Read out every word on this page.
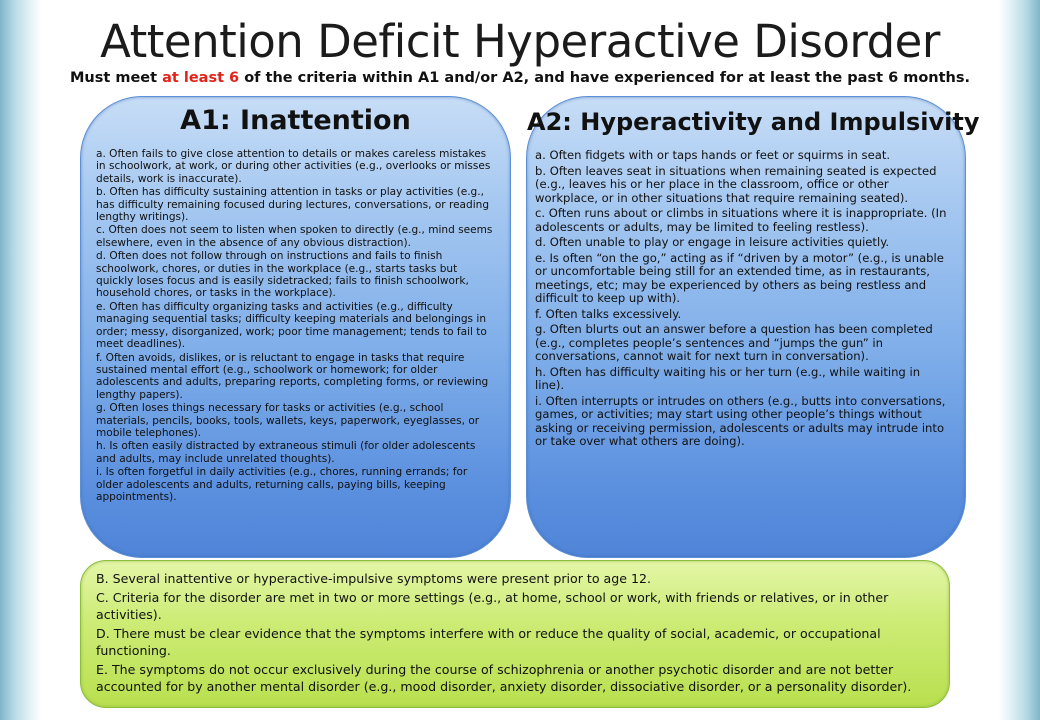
Attention Deficit Hyperactive Disorder

Must meet at least 6 of the criteria within A1 and/or A2, and have experienced for at least the past 6 months.

A1: Inattention
a. Often fails to give close attention to details or makes careless mistakes in schoolwork, at work, or during other activities (e.g., overlooks or misses details, work is inaccurate).
b. Often has difficulty sustaining attention in tasks or play activities (e.g., has difficulty remaining focused during lectures, conversations, or reading lengthy writings).
c. Often does not seem to listen when spoken to directly (e.g., mind seems elsewhere, even in the absence of any obvious distraction).
d. Often does not follow through on instructions and fails to finish schoolwork, chores, or duties in the workplace (e.g., starts tasks but quickly loses focus and is easily sidetracked; fails to finish schoolwork, household chores, or tasks in the workplace).
e. Often has difficulty organizing tasks and activities (e.g., difficulty managing sequential tasks; difficulty keeping materials and belongings in order; messy, disorganized, work; poor time management; tends to fail to meet deadlines).
f. Often avoids, dislikes, or is reluctant to engage in tasks that require sustained mental effort (e.g., schoolwork or homework; for older adolescents and adults, preparing reports, completing forms, or reviewing lengthy papers).
g. Often loses things necessary for tasks or activities (e.g., school materials, pencils, books, tools, wallets, keys, paperwork, eyeglasses, or mobile telephones).
h. Is often easily distracted by extraneous stimuli (for older adolescents and adults, may include unrelated thoughts).
i. Is often forgetful in daily activities (e.g., chores, running errands; for older adolescents and adults, returning calls, paying bills, keeping appointments).
A2: Hyperactivity and Impulsivity
a. Often fidgets with or taps hands or feet or squirms in seat.
b. Often leaves seat in situations when remaining seated is expected (e.g., leaves his or her place in the classroom, office or other workplace, or in other situations that require remaining seated).
c. Often runs about or climbs in situations where it is inappropriate. (In adolescents or adults, may be limited to feeling restless).
d. Often unable to play or engage in leisure activities quietly.
e. Is often “on the go,” acting as if “driven by a motor” (e.g., is unable or uncomfortable being still for an extended time, as in restaurants, meetings, etc; may be experienced by others as being restless and difficult to keep up with).
f. Often talks excessively.
g. Often blurts out an answer before a question has been completed (e.g., completes people’s sentences and “jumps the gun” in conversations, cannot wait for next turn in conversation).
h. Often has difficulty waiting his or her turn (e.g., while waiting in line).
i. Often interrupts or intrudes on others (e.g., butts into conversations, games, or activities; may start using other people’s things without asking or receiving permission, adolescents or adults may intrude into or take over what others are doing).
B. Several inattentive or hyperactive-impulsive symptoms were present prior to age 12.
C. Criteria for the disorder are met in two or more settings (e.g., at home, school or work, with friends or relatives, or in other activities).
D. There must be clear evidence that the symptoms interfere with or reduce the quality of social, academic, or occupational functioning.
E. The symptoms do not occur exclusively during the course of schizophrenia or another psychotic disorder and are not better accounted for by another mental disorder (e.g., mood disorder, anxiety disorder, dissociative disorder, or a personality disorder).
